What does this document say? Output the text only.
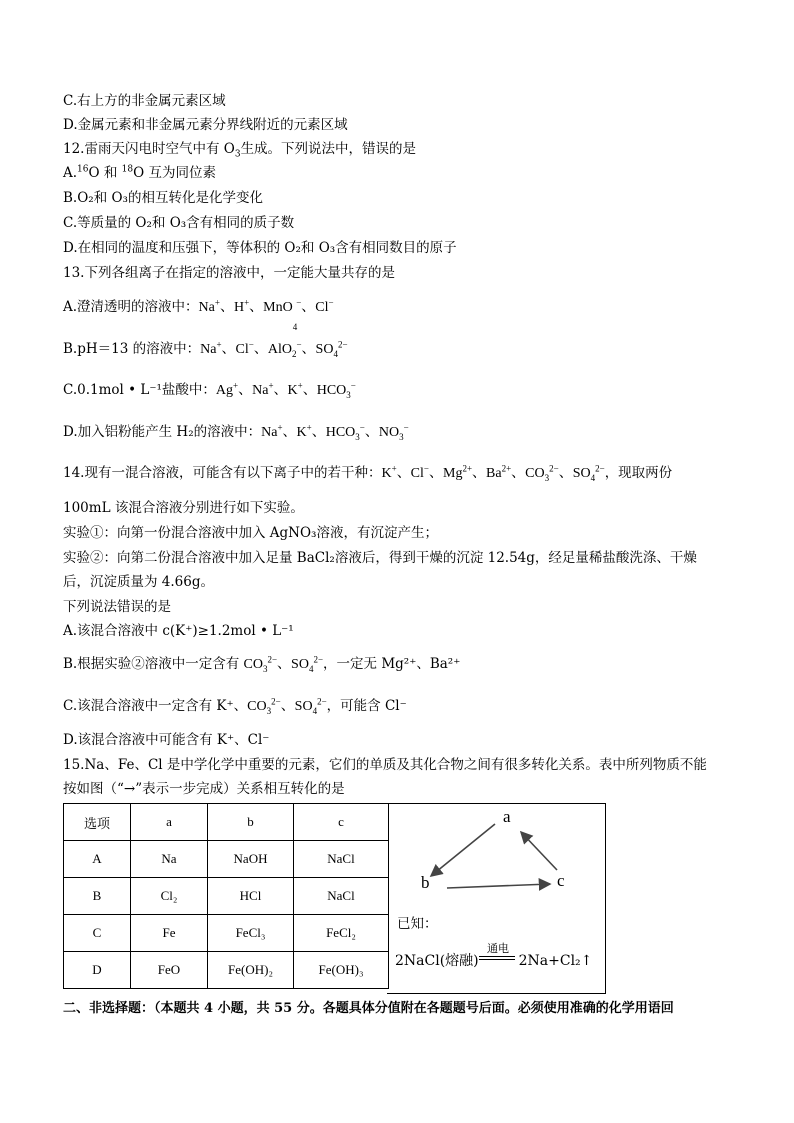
C.右上方的非金属元素区域
D.金属元素和非金属元素分界线附近的元素区域
12.雷雨天闪电时空气中有 $O_3$生成。下列说法中，错误的是
A.$^{16}$O 和 $^{18}$O 互为同位素
B.O₂和 O₃的相互转化是化学变化
C.等质量的 O₂和 O₃含有相同的质子数
D.在相同的温度和压强下，等体积的 O₂和 O₃含有相同数目的原子
13.下列各组离子在指定的溶液中，一定能大量共存的是
A.澄清透明的溶液中：Na+、H+、MnO
4
−、Cl−
B.pH＝13 的溶液中：Na+、Cl−、AlO$_2$−、$SO_4^{2-}$
C.0.1mol • L⁻¹盐酸中：Ag+、Na+、K+、$HCO_3^-$
D.加入铝粉能产生 H₂的溶液中：Na+、K+、$HCO_3^-$、$NO_3^-$
14.现有一混合溶液，可能含有以下离子中的若干种：K+、Cl−、$Mg^{2+}$、$Ba^{2+}$、$CO_3^{2-}$、$SO_4^{2-}$，现取两份
100mL 该混合溶液分别进行如下实验。
实验①：向第一份混合溶液中加入 AgNO₃溶液，有沉淀产生；
实验②：向第二份混合溶液中加入足量 BaCl₂溶液后，得到干燥的沉淀 12.54g，经足量稀盐酸洗涤、干燥
后，沉淀质量为 4.66g。
下列说法错误的是
A.该混合溶液中 c(K⁺)≥1.2mol • L⁻¹
B.根据实验②溶液中一定含有 $CO_3^{2-}$、$SO_4^{2-}$，一定无 Mg²⁺、Ba²⁺
C.该混合溶液中一定含有 K⁺、$CO_3^{2-}$、$SO_4^{2-}$，可能含 Cl⁻
D.该混合溶液中可能含有 K⁺、Cl⁻
15.Na、Fe、Cl 是中学化学中重要的元素，它们的单质及其化合物之间有很多转化关系。表中所列物质不能
按如图（“→”表示一步完成）关系相互转化的是
选项	a	b	c
A	Na	NaOH	NaCl
B	Cl₂	HCl	NaCl
C	Fe	FeCl₃	FeCl₂
D	FeO	Fe(OH)₂	Fe(OH)₃
a
b	c
已知：
2NaCl(熔融)	2Na+Cl₂↑
通电
二、非选择题：（本题共 4 小题，共 55 分。各题具体分值附在各题题号后面。必须使用准确的化学用语回
